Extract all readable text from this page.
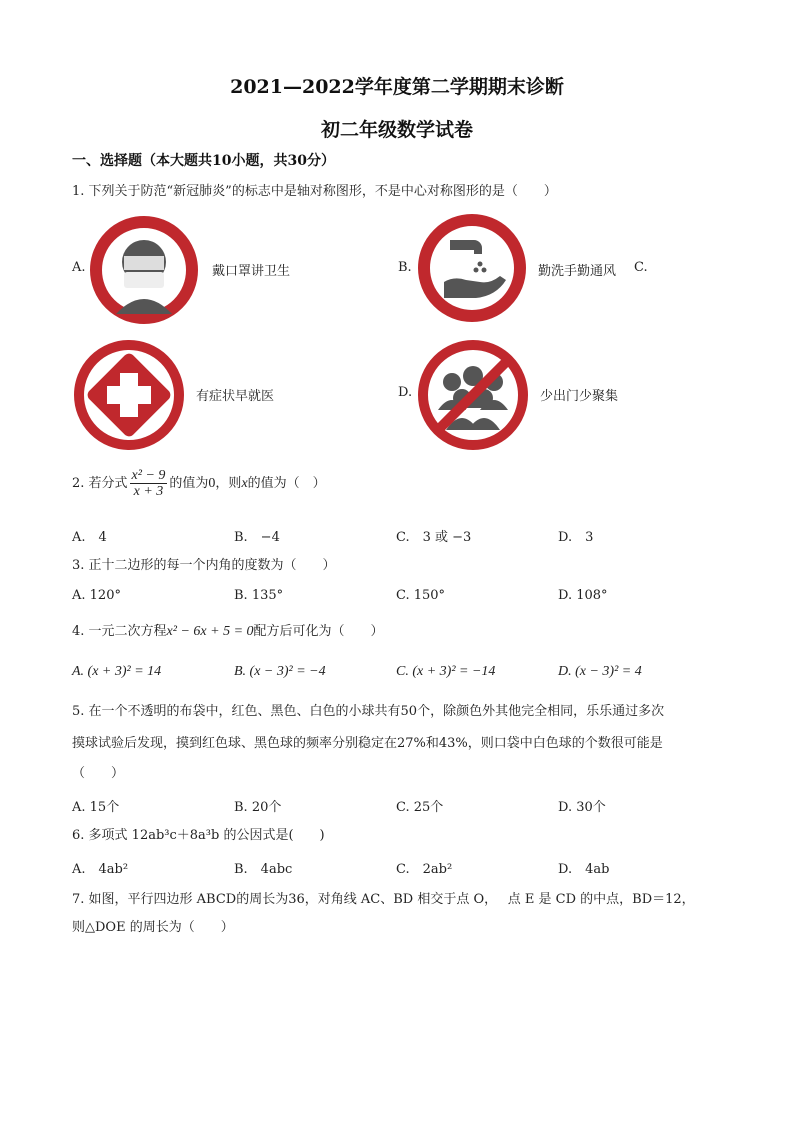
2021—2022学年度第二学期期末诊断
初二年级数学试卷
一、选择题（本大题共10小题，共30分）
1. 下列关于防范“新冠肺炎”的标志中是轴对称图形，不是中心对称图形的是（　　）
A.	戴口罩讲卫生	B.	勤洗手勤通风 C.
有症状早就医	D.	少出门少聚集
2. 若分式 $\frac{\text{x² − 9}}{x + 3}$ 的值为 0 ，则 x 的值为（　）
A.　4	B.　−4	C.　3 或 −3	D.　3
3. 正十二边形的每一个内角的度数为（　　）
A. 120°	B. 135°	C. 150°	D. 108°
4. 一元二次方程x² − 6x + 5 = 0配方后可化为（　　）
A. (x + 3)² = 14	B. (x − 3)² = −4	C. (x + 3)² = −14	D. (x − 3)² = 4
5. 在一个不透明的布袋中，红色、黑色、白色的小球共有50个，除颜色外其他完全相同，乐乐通过多次
摸球试验后发现，摸到红色球、黑色球的频率分别稳定在27%和43%，则口袋中白色球的个数很可能是
（　　）
A. 15个	B. 20个	C. 25个	D. 30个
6. 多项式 12ab³c＋8a³b 的公因式是(　　)
A.　4ab²	B.　4abc	C.　2ab²	D.　4ab
7. 如图，平行四边形 ABCD的周长为36，对角线 AC、BD 相交于点 O，　 点 E 是 CD 的中点，BD＝12，
则△DOE 的周长为（　　）
